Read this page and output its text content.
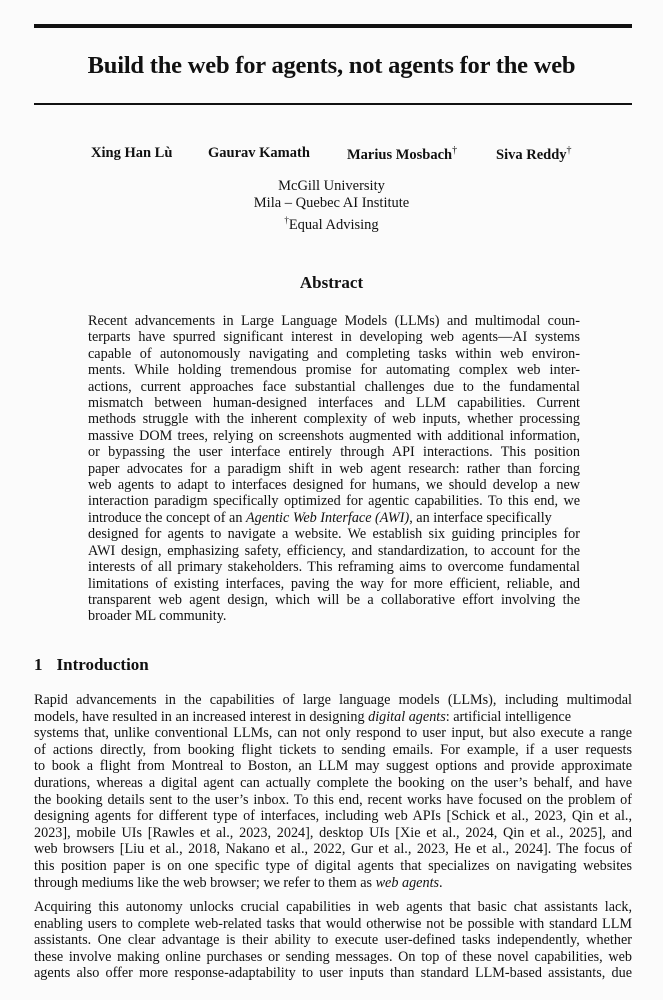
Build the web for agents, not agents for the web
Xing Han Lù Gaurav Kamath	Marius Mosbach†	Siva Reddy†
McGill University
Mila – Quebec AI Institute
†Equal Advising
Abstract
Recent advancements in Large Language Models (LLMs) and multimodal coun-
terparts have spurred significant interest in developing web agents—AI systems
capable of autonomously navigating and completing tasks within web environ-
ments. While holding tremendous promise for automating complex web inter-
actions, current approaches face substantial challenges due to the fundamental
mismatch between human-designed interfaces and LLM capabilities. Current
methods struggle with the inherent complexity of web inputs, whether processing
massive DOM trees, relying on screenshots augmented with additional information,
or bypassing the user interface entirely through API interactions. This position
paper advocates for a paradigm shift in web agent research: rather than forcing
web agents to adapt to interfaces designed for humans, we should develop a new
interaction paradigm specifically optimized for agentic capabilities. To this end, we
introduce the concept of an Agentic Web Interface (AWI), an interface specifically
designed for agents to navigate a website. We establish six guiding principles for
AWI design, emphasizing safety, efficiency, and standardization, to account for the
interests of all primary stakeholders. This reframing aims to overcome fundamental
limitations of existing interfaces, paving the way for more efficient, reliable, and
transparent web agent design, which will be a collaborative effort involving the
broader ML community.
1 Introduction
Rapid advancements in the capabilities of large language models (LLMs), including multimodal
models, have resulted in an increased interest in designing digital agents: artificial intelligence
systems that, unlike conventional LLMs, can not only respond to user input, but also execute a range
of actions directly, from booking flight tickets to sending emails. For example, if a user requests
to book a flight from Montreal to Boston, an LLM may suggest options and provide approximate
durations, whereas a digital agent can actually complete the booking on the user’s behalf, and have
the booking details sent to the user’s inbox. To this end, recent works have focused on the problem of
designing agents for different type of interfaces, including web APIs [Schick et al., 2023, Qin et al.,
2023], mobile UIs [Rawles et al., 2023, 2024], desktop UIs [Xie et al., 2024, Qin et al., 2025], and
web browsers [Liu et al., 2018, Nakano et al., 2022, Gur et al., 2023, He et al., 2024]. The focus of
this position paper is on one specific type of digital agents that specializes on navigating websites
through mediums like the web browser; we refer to them as web agents.
Acquiring this autonomy unlocks crucial capabilities in web agents that basic chat assistants lack,
enabling users to complete web-related tasks that would otherwise not be possible with standard LLM
assistants. One clear advantage is their ability to execute user-defined tasks independently, whether
these involve making online purchases or sending messages. On top of these novel capabilities, web
agents also offer more response-adaptability to user inputs than standard LLM-based assistants, due
